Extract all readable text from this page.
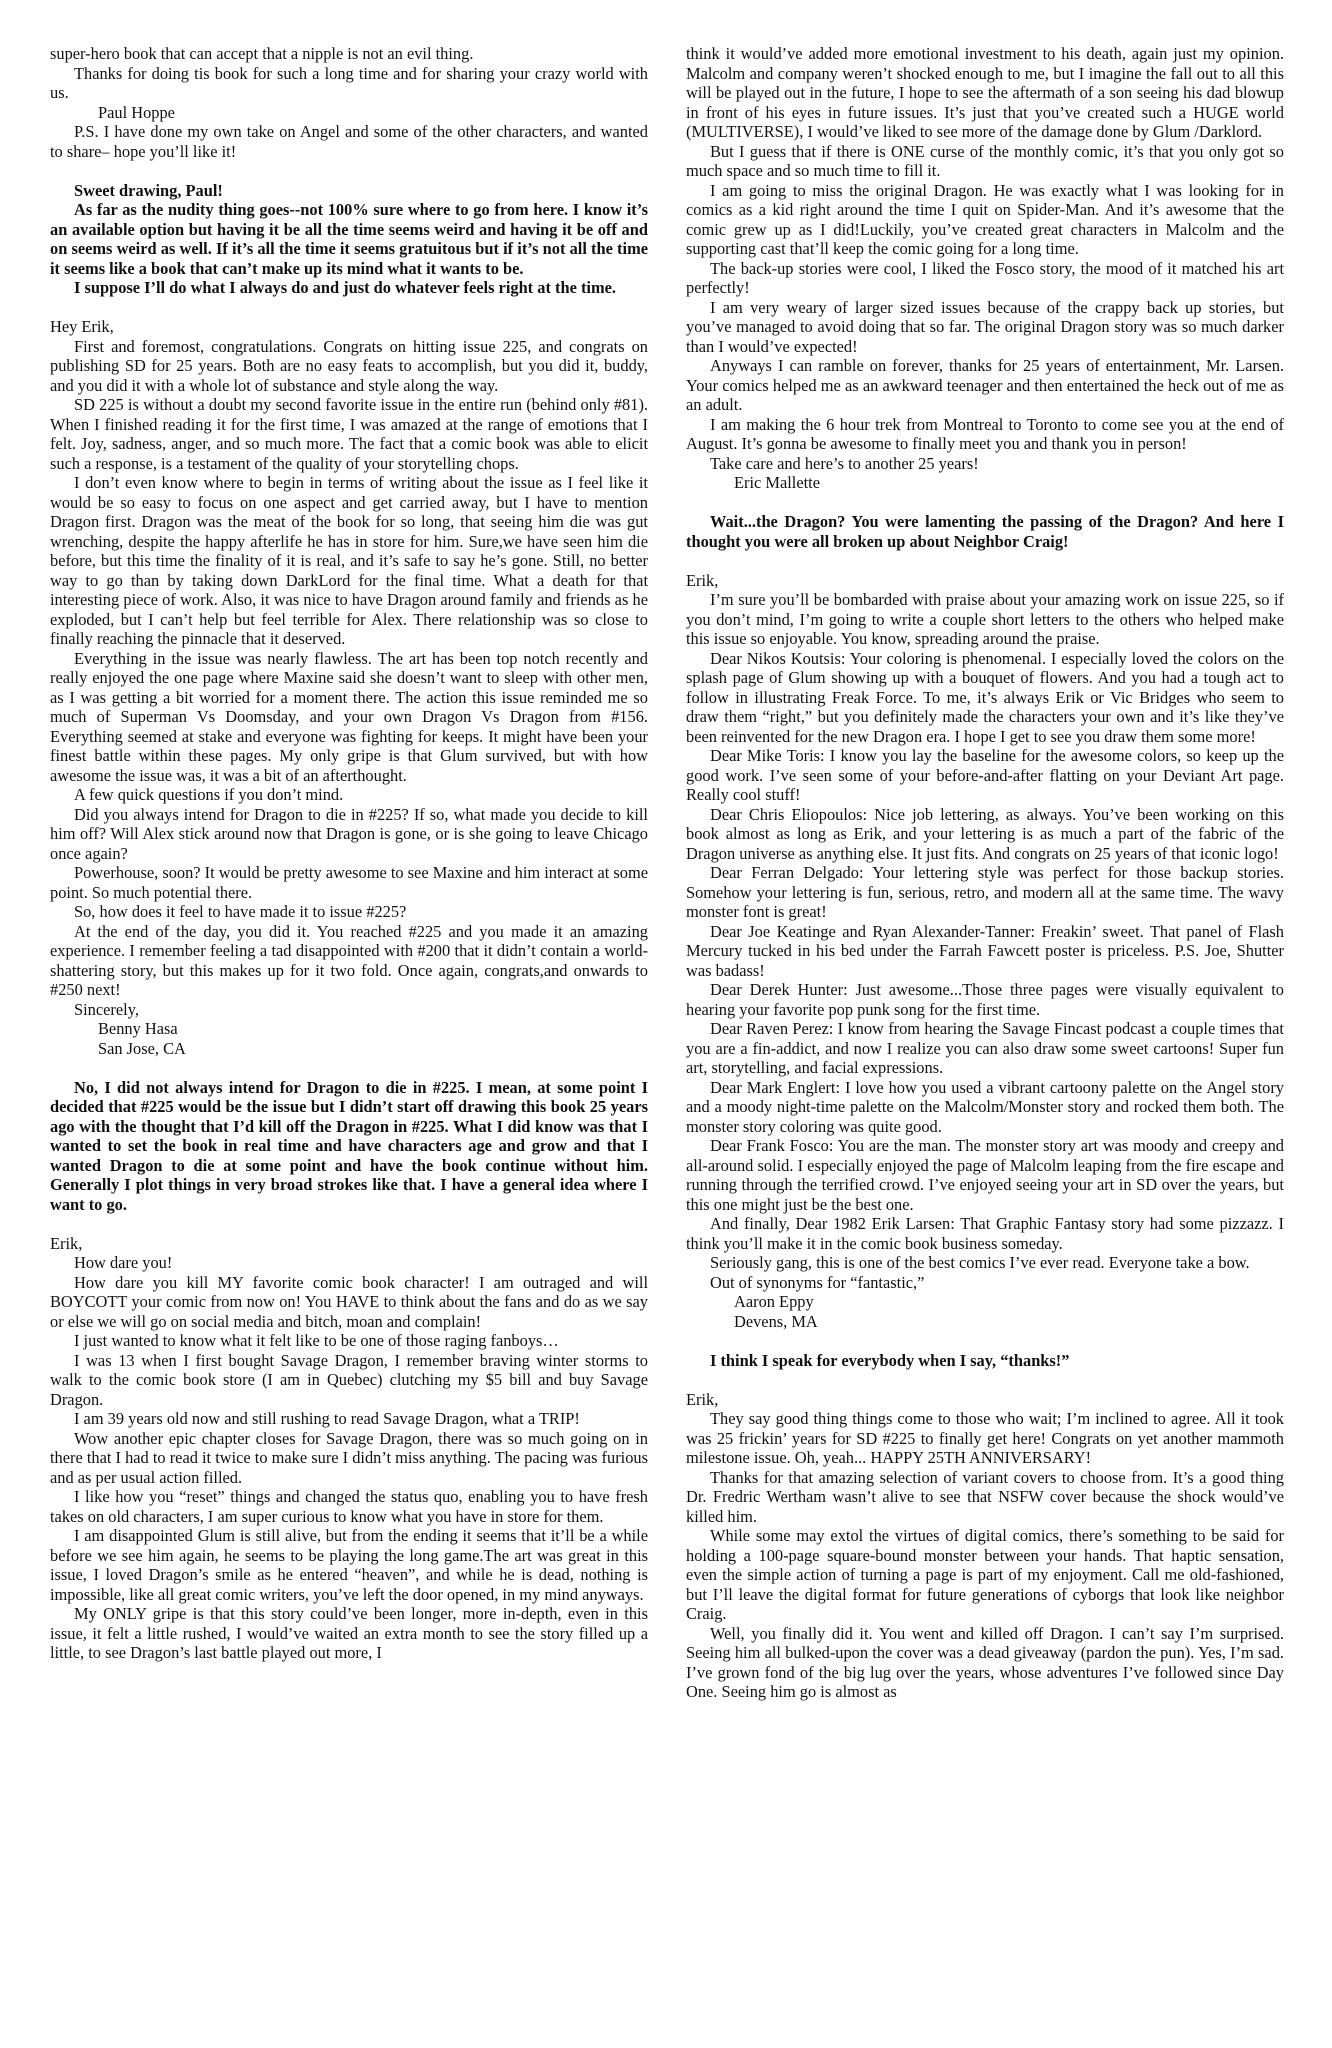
super-hero book that can accept that a nipple is not an evil thing.

Thanks for doing tis book for such a long time and for sharing your crazy world with us.

Paul Hoppe

P.S. I have done my own take on Angel and some of the other characters, and wanted to share– hope you’ll like it!

Sweet drawing, Paul!

As far as the nudity thing goes--not 100% sure where to go from here. I know it’s an available option but having it be all the time seems weird and having it be off and on seems weird as well. If it’s all the time it seems gratuitous but if it’s not all the time it seems like a book that can’t make up its mind what it wants to be.

I suppose I’ll do what I always do and just do whatever feels right at the time.

Hey Erik,

First and foremost, congratulations. Congrats on hitting issue 225, and congrats on publishing SD for 25 years. Both are no easy feats to accomplish, but you did it, buddy, and you did it with a whole lot of substance and style along the way.

SD 225 is without a doubt my second favorite issue in the entire run (behind only #81). When I finished reading it for the first time, I was amazed at the range of emotions that I felt. Joy, sadness, anger, and so much more. The fact that a comic book was able to elicit such a response, is a testament of the quality of your storytelling chops.

I don’t even know where to begin in terms of writing about the issue as I feel like it would be so easy to focus on one aspect and get carried away, but I have to mention Dragon first. Dragon was the meat of the book for so long, that seeing him die was gut wrenching, despite the happy afterlife he has in store for him. Sure,we have seen him die before, but this time the finality of it is real, and it’s safe to say he’s gone. Still, no better way to go than by taking down DarkLord for the final time. What a death for that interesting piece of work. Also, it was nice to have Dragon around family and friends as he exploded, but I can’t help but feel terrible for Alex. There relationship was so close to finally reaching the pinnacle that it deserved.

Everything in the issue was nearly flawless. The art has been top notch recently and really enjoyed the one page where Maxine said she doesn’t want to sleep with other men, as I was getting a bit worried for a moment there. The action this issue reminded me so much of Superman Vs Doomsday, and your own Dragon Vs Dragon from #156. Everything seemed at stake and everyone was fighting for keeps. It might have been your finest battle within these pages. My only gripe is that Glum survived, but with how awesome the issue was, it was a bit of an afterthought.

A few quick questions if you don’t mind.

Did you always intend for Dragon to die in #225? If so, what made you decide to kill him off? Will Alex stick around now that Dragon is gone, or is she going to leave Chicago once again?

Powerhouse, soon? It would be pretty awesome to see Maxine and him interact at some point. So much potential there.

So, how does it feel to have made it to issue #225?

At the end of the day, you did it. You reached #225 and you made it an amazing experience. I remember feeling a tad disappointed with #200 that it didn’t contain a world-shattering story, but this makes up for it two fold. Once again, congrats,and onwards to #250 next!

Sincerely,

Benny Hasa

San Jose, CA

No, I did not always intend for Dragon to die in #225. I mean, at some point I decided that #225 would be the issue but I didn’t start off drawing this book 25 years ago with the thought that I’d kill off the Dragon in #225. What I did know was that I wanted to set the book in real time and have characters age and grow and that I wanted Dragon to die at some point and have the book continue without him. Generally I plot things in very broad strokes like that. I have a general idea where I want to go.

Erik,

How dare you!

How dare you kill MY favorite comic book character! I am outraged and will BOYCOTT your comic from now on! You HAVE to think about the fans and do as we say or else we will go on social media and bitch, moan and complain!

I just wanted to know what it felt like to be one of those raging fanboys…

I was 13 when I first bought Savage Dragon, I remember braving winter storms to walk to the comic book store (I am in Quebec) clutching my $5 bill and buy Savage Dragon.

I am 39 years old now and still rushing to read Savage Dragon, what a TRIP!

Wow another epic chapter closes for Savage Dragon, there was so much going on in there that I had to read it twice to make sure I didn’t miss anything. The pacing was furious and as per usual action filled.

I like how you “reset” things and changed the status quo, enabling you to have fresh takes on old characters, I am super curious to know what you have in store for them.

I am disappointed Glum is still alive, but from the ending it seems that it’ll be a while before we see him again, he seems to be playing the long game.The art was great in this issue, I loved Dragon’s smile as he entered “heaven”, and while he is dead, nothing is impossible, like all great comic writers, you’ve left the door opened, in my mind anyways.

My ONLY gripe is that this story could’ve been longer, more in-depth, even in this issue, it felt a little rushed, I would’ve waited an extra month to see the story filled up a little, to see Dragon’s last battle played out more, I

think it would’ve added more emotional investment to his death, again just my opinion. Malcolm and company weren’t shocked enough to me, but I imagine the fall out to all this will be played out in the future, I hope to see the aftermath of a son seeing his dad blowup in front of his eyes in future issues. It’s just that you’ve created such a HUGE world (MULTIVERSE), I would’ve liked to see more of the damage done by Glum /Darklord.

But I guess that if there is ONE curse of the monthly comic, it’s that you only got so much space and so much time to fill it.

I am going to miss the original Dragon. He was exactly what I was looking for in comics as a kid right around the time I quit on Spider-Man. And it’s awesome that the comic grew up as I did!Luckily, you’ve created great characters in Malcolm and the supporting cast that’ll keep the comic going for a long time.

The back-up stories were cool, I liked the Fosco story, the mood of it matched his art perfectly!

I am very weary of larger sized issues because of the crappy back up stories, but you’ve managed to avoid doing that so far. The original Dragon story was so much darker than I would’ve expected!

Anyways I can ramble on forever, thanks for 25 years of entertainment, Mr. Larsen. Your comics helped me as an awkward teenager and then entertained the heck out of me as an adult.

I am making the 6 hour trek from Montreal to Toronto to come see you at the end of August. It’s gonna be awesome to finally meet you and thank you in person!

Take care and here’s to another 25 years!

Eric Mallette

Wait...the Dragon? You were lamenting the passing of the Dragon? And here I thought you were all broken up about Neighbor Craig!

Erik,

I’m sure you’ll be bombarded with praise about your amazing work on issue 225, so if you don’t mind, I’m going to write a couple short letters to the others who helped make this issue so enjoyable. You know, spreading around the praise.

Dear Nikos Koutsis: Your coloring is phenomenal. I especially loved the colors on the splash page of Glum showing up with a bouquet of flowers. And you had a tough act to follow in illustrating Freak Force. To me, it’s always Erik or Vic Bridges who seem to draw them “right,” but you definitely made the characters your own and it’s like they’ve been reinvented for the new Dragon era. I hope I get to see you draw them some more!

Dear Mike Toris: I know you lay the baseline for the awesome colors, so keep up the good work. I’ve seen some of your before-and-after flatting on your Deviant Art page. Really cool stuff!

Dear Chris Eliopoulos: Nice job lettering, as always. You’ve been working on this book almost as long as Erik, and your lettering is as much a part of the fabric of the Dragon universe as anything else. It just fits. And congrats on 25 years of that iconic logo!

Dear Ferran Delgado: Your lettering style was perfect for those backup stories. Somehow your lettering is fun, serious, retro, and modern all at the same time. The wavy monster font is great!

Dear Joe Keatinge and Ryan Alexander-Tanner: Freakin’ sweet. That panel of Flash Mercury tucked in his bed under the Farrah Fawcett poster is priceless. P.S. Joe, Shutter was badass!

Dear Derek Hunter: Just awesome...Those three pages were visually equivalent to hearing your favorite pop punk song for the first time.

Dear Raven Perez: I know from hearing the Savage Fincast podcast a couple times that you are a fin-addict, and now I realize you can also draw some sweet cartoons! Super fun art, storytelling, and facial expressions.

Dear Mark Englert: I love how you used a vibrant cartoony palette on the Angel story and a moody night-time palette on the Malcolm/Monster story and rocked them both. The monster story coloring was quite good.

Dear Frank Fosco: You are the man. The monster story art was moody and creepy and all-around solid. I especially enjoyed the page of Malcolm leaping from the fire escape and running through the terrified crowd. I’ve enjoyed seeing your art in SD over the years, but this one might just be the best one.

And finally, Dear 1982 Erik Larsen: That Graphic Fantasy story had some pizzazz. I think you’ll make it in the comic book business someday.

Seriously gang, this is one of the best comics I’ve ever read. Everyone take a bow.

Out of synonyms for “fantastic,”

Aaron Eppy

Devens, MA

I think I speak for everybody when I say, “thanks!”

Erik,

They say good thing things come to those who wait; I’m inclined to agree. All it took was 25 frickin’ years for SD #225 to finally get here! Congrats on yet another mammoth milestone issue. Oh, yeah... HAPPY 25TH ANNIVERSARY!

Thanks for that amazing selection of variant covers to choose from. It’s a good thing Dr. Fredric Wertham wasn’t alive to see that NSFW cover because the shock would’ve killed him.

While some may extol the virtues of digital comics, there’s something to be said for holding a 100-page square-bound monster between your hands. That haptic sensation, even the simple action of turning a page is part of my enjoyment. Call me old-fashioned, but I’ll leave the digital format for future generations of cyborgs that look like neighbor Craig.

Well, you finally did it. You went and killed off Dragon. I can’t say I’m surprised. Seeing him all bulked-upon the cover was a dead giveaway (pardon the pun). Yes, I’m sad. I’ve grown fond of the big lug over the years, whose adventures I’ve followed since Day One. Seeing him go is almost as
